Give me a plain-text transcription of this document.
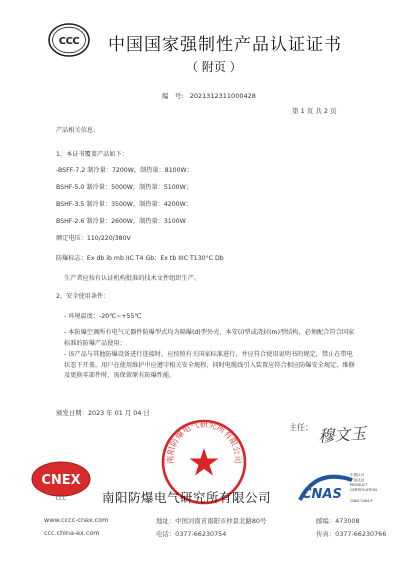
CCC 中国国家强制性产品认证证书
（ 附页 ）
编　号: 2021312311000428
第 1 页 共 2 页
产品相关信息:
1、本证书覆盖产品如下：
-BSFF-7.2 制冷量：7200W，制热量：8100W；
BSHF-5.0 制冷量：5000W，制热量：5100W；
BSHF-3.5 制冷量：3500W，制热量：4200W；
BSHF-2.6 制冷量：2600W，制热量：3100W
额定电压：110/220/380V
防爆标志：Ex db ib mb IIC T4 Gb；Ex tb IIIC T130°C Db
生产者应按有认证机构批准的技术文件组织生产。
2、安全使用条件：
- 环境温度：-20℃~+55℃
- 本防爆空调所有电气元器件防爆型式均为隔爆(d)型外壳、本安(i)型或浇封(m)型结构，必须配合符合国家标准的防爆产品使用；
- 该产品与其他防爆设备进行连接时，应按照有关国家标准进行，并应符合使用说明书的规定，禁止在带电状态下开盖。用户在使用维护中应遵守相关安全规程，同时电缆线引入装置应符合相应防爆安全规定，维修及更换零部件时，需保留原有防爆性能。
颁发日期：2023 年 01 月 04 日
主任： 穆文玉
南阳防爆电气研究所有限公司
CNEX
CCC	南阳防爆电气研究所有限公司 CNAS
中国认可
产品认证
PRODUCT
CERTIFICATION
CNAS C064-P
www.cccc-cnex.com
ccc.china-ex.com
地址：中国河南省南阳市仲景北路80号
电话：0377-66230754
邮编：473008
传真：0377-66230766
